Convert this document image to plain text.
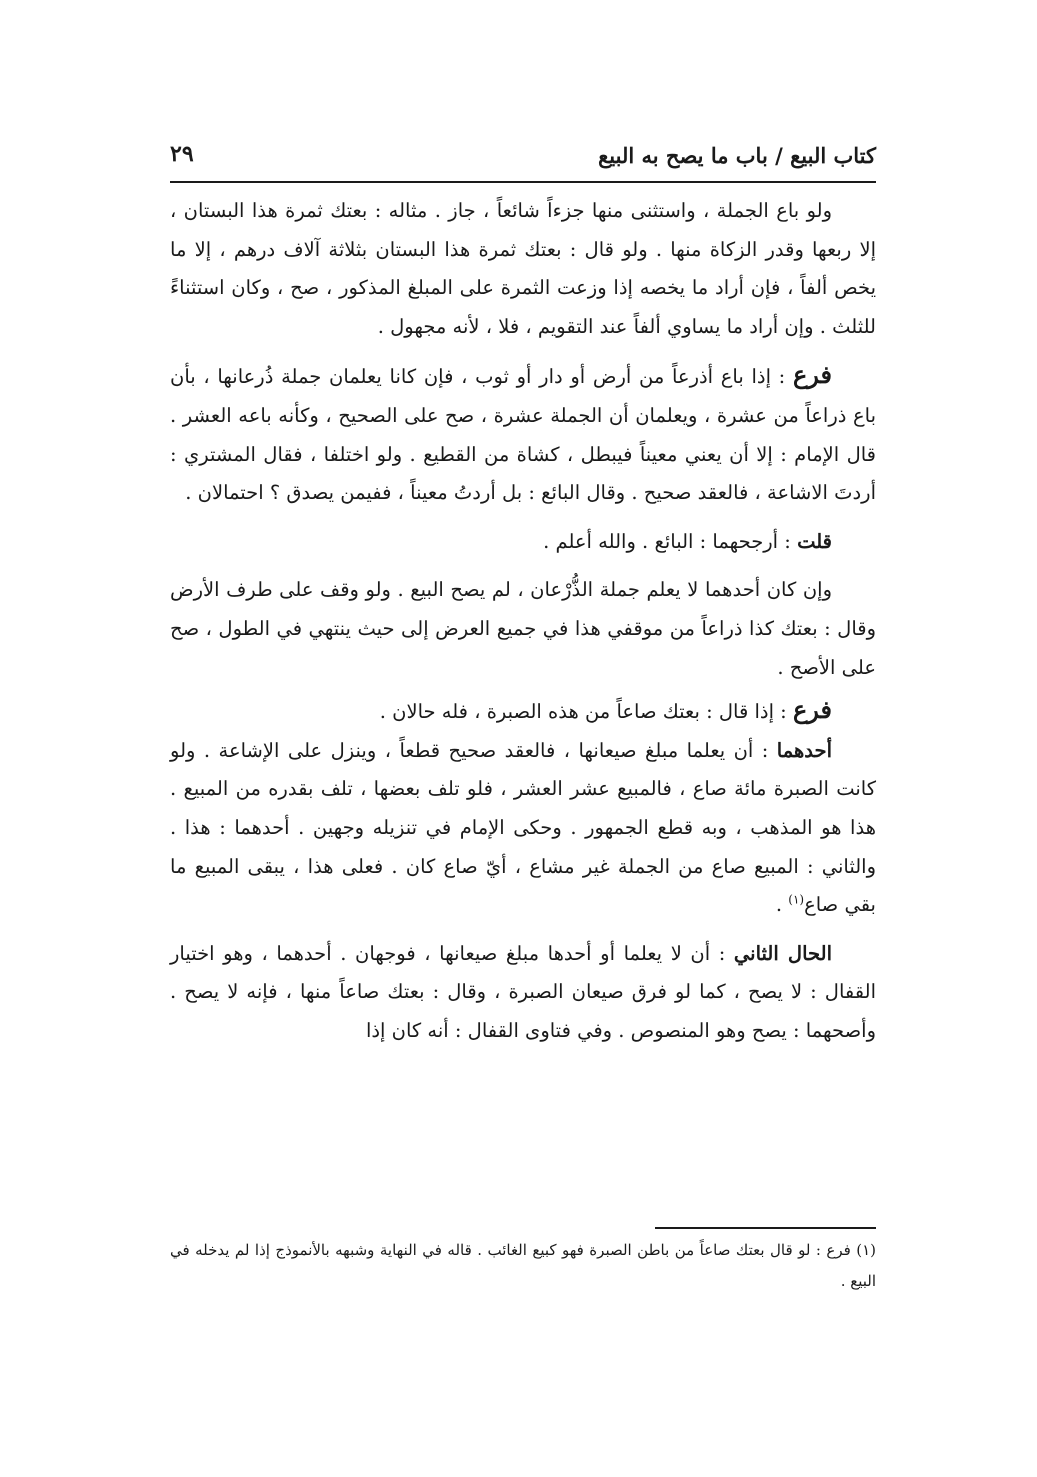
كتاب البيع / باب ما يصح به البيع
٢٩

ولو باع الجملة ، واستثنى منها جزءاً شائعاً ، جاز . مثاله : بعتك ثمرة هذا البستان ، إلا ربعها وقدر الزكاة منها . ولو قال : بعتك ثمرة هذا البستان بثلاثة آلاف درهم ، إلا ما يخص ألفاً ، فإن أراد ما يخصه إذا وزعت الثمرة على المبلغ المذكور ، صح ، وكان استثناءً للثلث . وإن أراد ما يساوي ألفاً عند التقويم ، فلا ، لأنه مجهول .

فرع : إذا باع أذرعاً من أرض أو دار أو ثوب ، فإن كانا يعلمان جملة ذُرعانها ، بأن باع ذراعاً من عشرة ، ويعلمان أن الجملة عشرة ، صح على الصحيح ، وكأنه باعه العشر . قال الإمام : إلا أن يعني معيناً فيبطل ، كشاة من القطيع . ولو اختلفا ، فقال المشتري : أردتَ الاشاعة ، فالعقد صحيح . وقال البائع : بل أردتُ معيناً ، ففيمن يصدق ؟ احتمالان .

قلت : أرجحهما : البائع . والله أعلم .

وإن كان أحدهما لا يعلم جملة الذُّرْعان ، لم يصح البيع . ولو وقف على طرف الأرض وقال : بعتك كذا ذراعاً من موقفي هذا في جميع العرض إلى حيث ينتهي في الطول ، صح على الأصح .

فرع : إذا قال : بعتك صاعاً من هذه الصبرة ، فله حالان .

أحدهما : أن يعلما مبلغ صيعانها ، فالعقد صحيح قطعاً ، وينزل على الإشاعة . ولو كانت الصبرة مائة صاع ، فالمبيع عشر العشر ، فلو تلف بعضها ، تلف بقدره من المبيع . هذا هو المذهب ، وبه قطع الجمهور . وحكى الإمام في تنزيله وجهين . أحدهما : هذا . والثاني : المبيع صاع من الجملة غير مشاع ، أيّ صاع كان . فعلى هذا ، يبقى المبيع ما بقي صاع$^{(١)}$ .

الحال الثاني : أن لا يعلما أو أحدها مبلغ صيعانها ، فوجهان . أحدهما ، وهو اختيار القفال : لا يصح ، كما لو فرق صيعان الصبرة ، وقال : بعتك صاعاً منها ، فإنه لا يصح . وأصحهما : يصح وهو المنصوص . وفي فتاوى القفال : أنه كان إذا

(١) فرع : لو قال بعتك صاعاً من باطن الصبرة فهو كبيع الغائب . قاله في النهاية وشبهه بالأنموذج إذا لم يدخله في البيع .
